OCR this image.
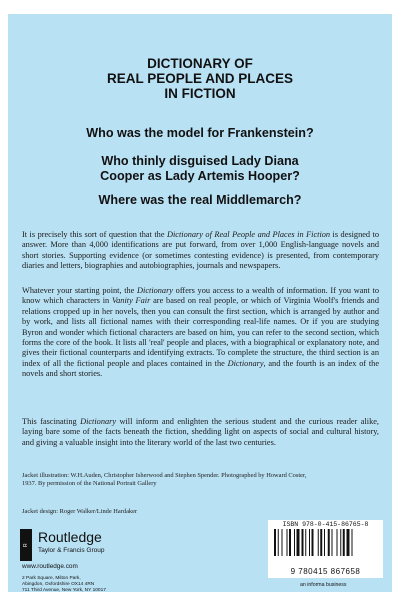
DICTIONARY OF
REAL PEOPLE AND PLACES
IN FICTION
Who was the model for Frankenstein?
Who thinly disguised Lady Diana
Cooper as Lady Artemis Hooper?
Where was the real Middlemarch?
It is precisely this sort of question that the Dictionary of Real People and Places in Fiction is designed to answer. More than 4,000 identifications are put forward, from over 1,000 English-language novels and short stories. Supporting evidence (or sometimes contesting evidence) is presented, from contemporary diaries and letters, biographies and autobiographies, journals and newspapers.
Whatever your starting point, the Dictionary offers you access to a wealth of information. If you want to know which characters in Vanity Fair are based on real people, or which of Virginia Woolf's friends and relations cropped up in her novels, then you can consult the first section, which is arranged by author and by work, and lists all fictional names with their corresponding real-life names. Or if you are studying Byron and wonder which fictional characters are based on him, you can refer to the second section, which forms the core of the book. It lists all 'real' people and places, with a biographical or explanatory note, and gives their fictional counterparts and identifying extracts. To complete the structure, the third section is an index of all the fictional people and places contained in the Dictionary, and the fourth is an index of the novels and short stories.
This fascinating Dictionary will inform and enlighten the serious student and the curious reader alike, laying bare some of the facts beneath the fiction, shedding light on aspects of social and cultural history, and giving a valuable insight into the literary world of the last two centuries.
Jacket illustration: W.H.Auden, Christopher Isherwood and Stephen Spender. Photographed by Howard Coster, 1937. By permission of the National Portrait Gallery
Jacket design: Roger Walker/Linde Hardaker
R Routledge
Taylor & Francis Group
www.routledge.com
2 Park Square, Milton Park,
Abingdon, Oxfordshire OX14 4RN
711 Third Avenue, New York, NY 10017
ISBN 978-0-415-86765-8
9 780415 867658
an informa business
